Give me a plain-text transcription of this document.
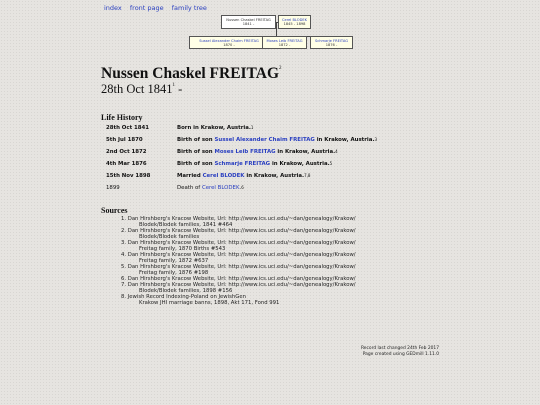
index front page family tree
Nussen Chaskel FREITAG
1841 -
Cerel BLODEK
1845 - 1898
Sussel Alexander Chaim FREITAG
1870 -
Moses Leib FREITAG
1872 -
Schmarje FREITAG
1876 -
Nussen Chaskel FREITAG$^2$
28th Oct 1841$^1$ -
Life History
28th Oct 1841	Born in Krakow, Austria.$^1$
5th Jul 1870	Birth of son Sussel Alexander Chaim FREITAG in Krakow, Austria.$^3$
2nd Oct 1872	Birth of son Moses Leib FREITAG in Krakow, Austria.$^4$
4th Mar 1876	Birth of son Schmarje FREITAG in Krakow, Austria.$^5$
15th Nov 1898	Married Cerel BLODEK in Krakow, Austria.$^{7,8}$
1899	Death of Cerel BLODEK.$^6$
Sources
1. Dan Hirshberg's Kracow Website, Url: http://www.ics.uci.edu/~dan/genealogy/Krakow/
Blodek/Blodek families, 1841 #464
2. Dan Hirshberg's Kracow Website, Url: http://www.ics.uci.edu/~dan/genealogy/Krakow/
Blodek/Blodek families
3. Dan Hirshberg's Kracow Website, Url: http://www.ics.uci.edu/~dan/genealogy/Krakow/
Freitag family, 1870 Births #543
4. Dan Hirshberg's Kracow Website, Url: http://www.ics.uci.edu/~dan/genealogy/Krakow/
Freitag family, 1872 #637
5. Dan Hirshberg's Kracow Website, Url: http://www.ics.uci.edu/~dan/genealogy/Krakow/
Freitag family, 1876 #198
6. Dan Hirshberg's Kracow Website, Url: http://www.ics.uci.edu/~dan/genealogy/Krakow/
7. Dan Hirshberg's Kracow Website, Url: http://www.ics.uci.edu/~dan/genealogy/Krakow/
Blodek/Blodek families, 1898 #156
8. Jewish Record Indexing-Poland on JewishGen
Krakow JHI marriage banns, 1898, Akt 171, Fond 991
Record last changed 24th Feb 2017
Page created using GEDmill 1.11.0
